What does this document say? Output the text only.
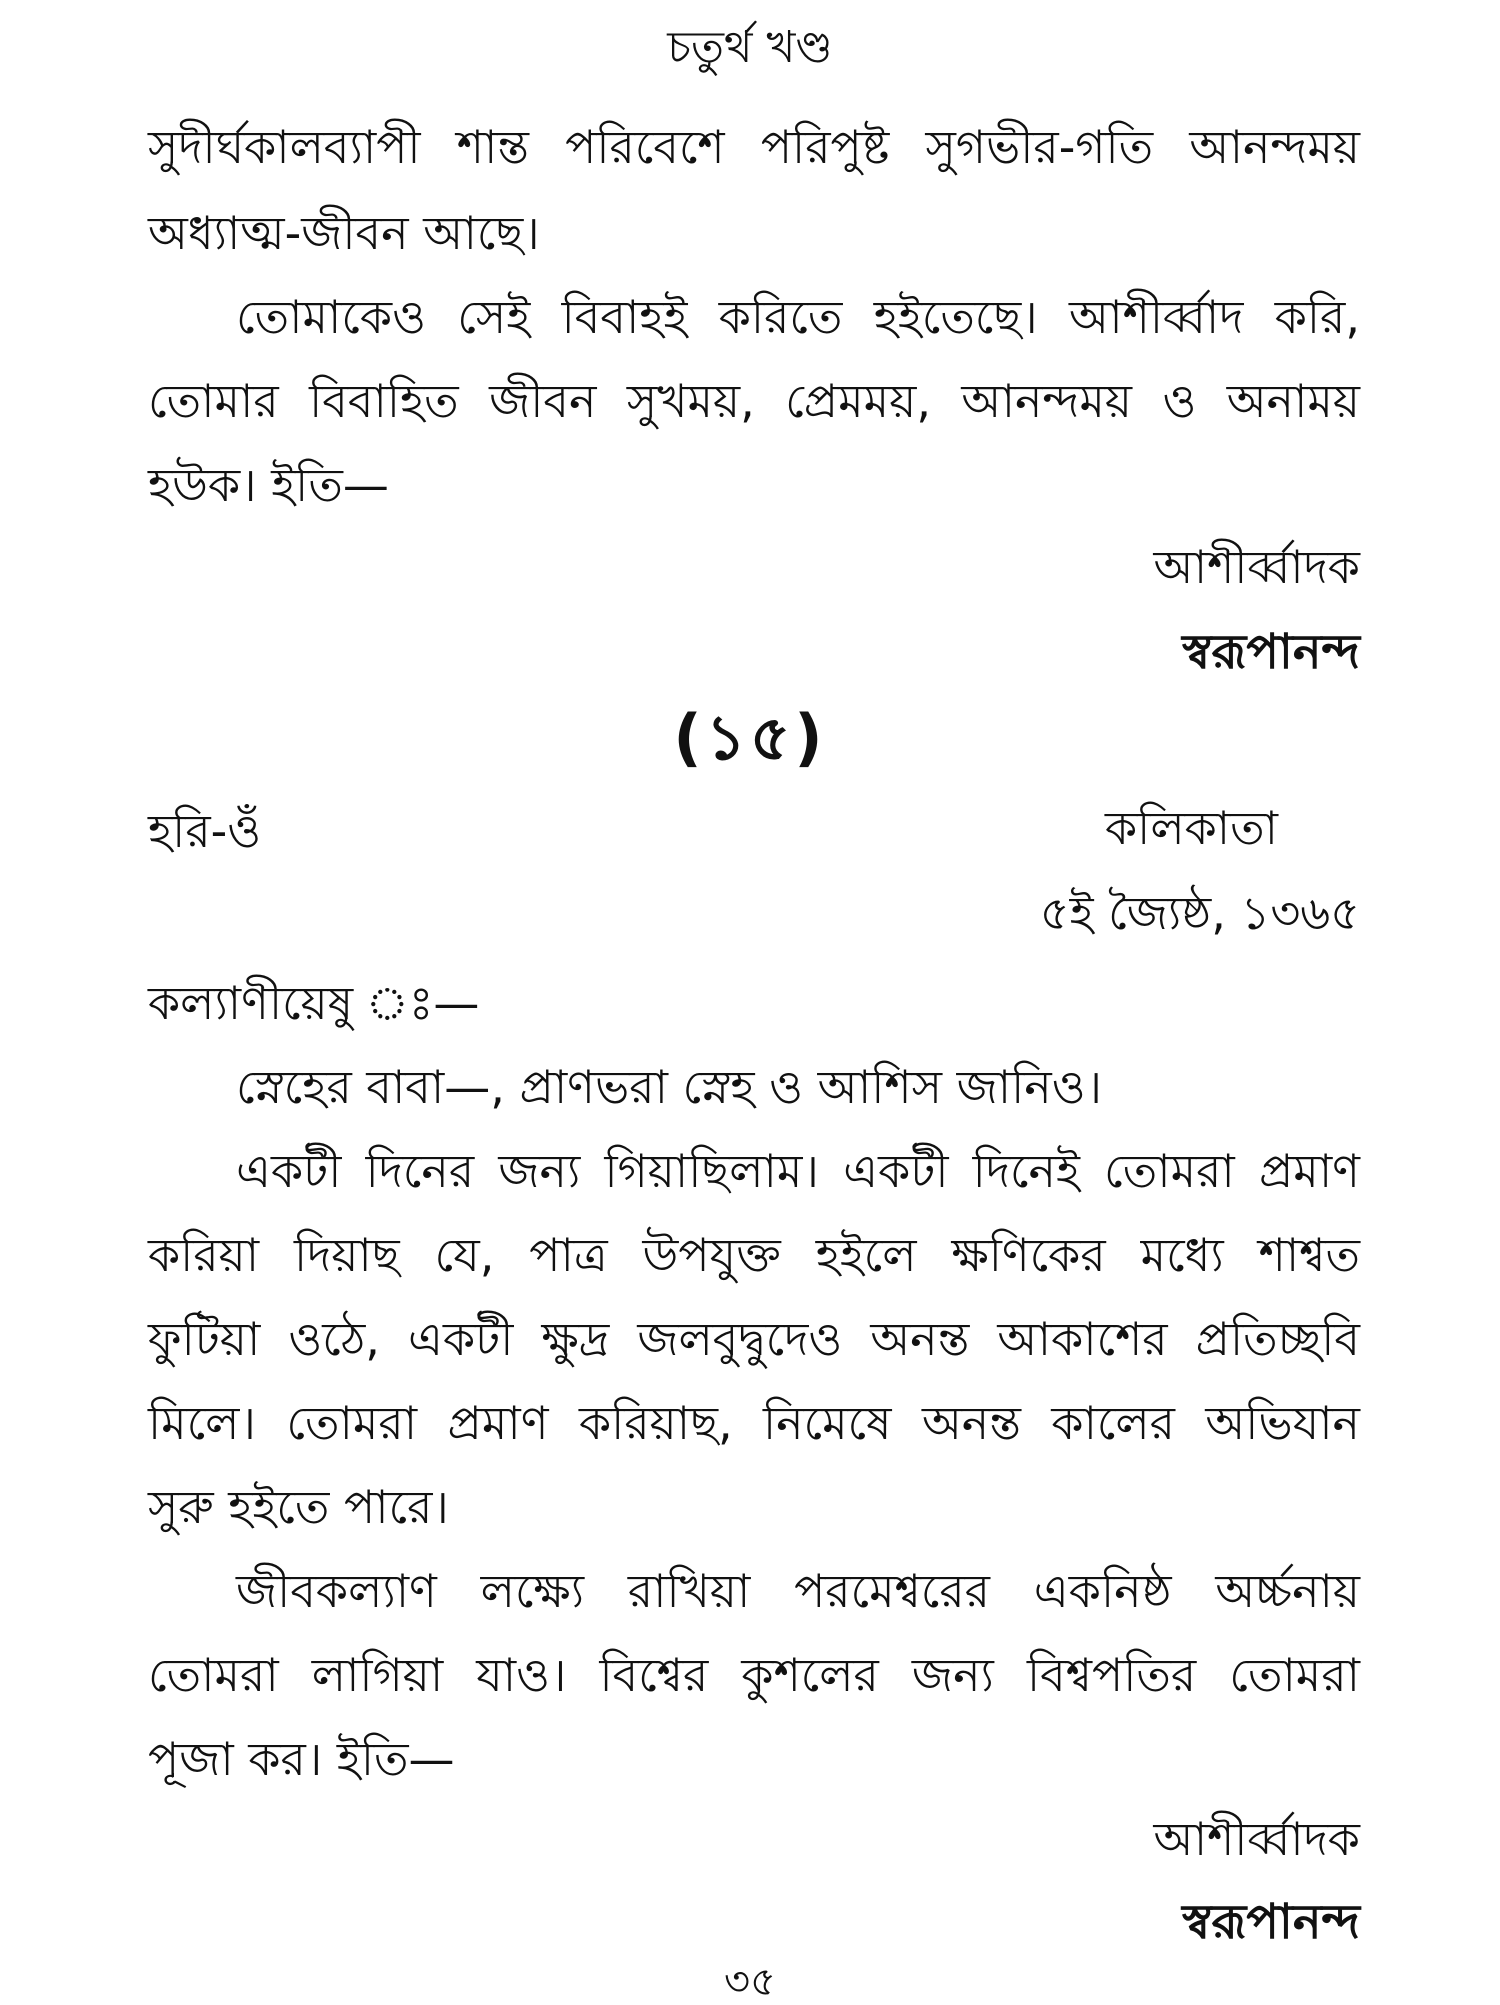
চতুর্থ খণ্ড
সুদীর্ঘকালব্যাপী শান্ত পরিবেশে পরিপুষ্ট সুগভীর-গতি আনন্দময়
অধ্যাত্ম-জীবন আছে।
তোমাকেও সেই বিবাহই করিতে হইতেছে। আশীর্ব্বাদ করি,
তোমার বিবাহিত জীবন সুখময়, প্রেমময়, আনন্দময় ও অনাময়
হউক। ইতি—
আশীর্ব্বাদক
স্বরূপানন্দ
(১৫)
হরি-ওঁ	কলিকাতা
৫ই জ্যৈষ্ঠ, ১৩৬৫
কল্যাণীয়েষু ঃ—
স্নেহের বাবা—, প্রাণভরা স্নেহ ও আশিস জানিও।
একটী দিনের জন্য গিয়াছিলাম। একটী দিনেই তোমরা প্রমাণ
করিয়া দিয়াছ যে, পাত্র উপযুক্ত হইলে ক্ষণিকের মধ্যে শাশ্বত
ফুটিয়া ওঠে, একটী ক্ষুদ্র জলবুদ্বুদেও অনন্ত আকাশের প্রতিচ্ছবি
মিলে। তোমরা প্রমাণ করিয়াছ, নিমেষে অনন্ত কালের অভিযান
সুরু হইতে পারে।
জীবকল্যাণ লক্ষ্যে রাখিয়া পরমেশ্বরের একনিষ্ঠ অর্চ্চনায়
তোমরা লাগিয়া যাও। বিশ্বের কুশলের জন্য বিশ্বপতির তোমরা
পূজা কর। ইতি—
আশীর্ব্বাদক
স্বরূপানন্দ
৩৫
